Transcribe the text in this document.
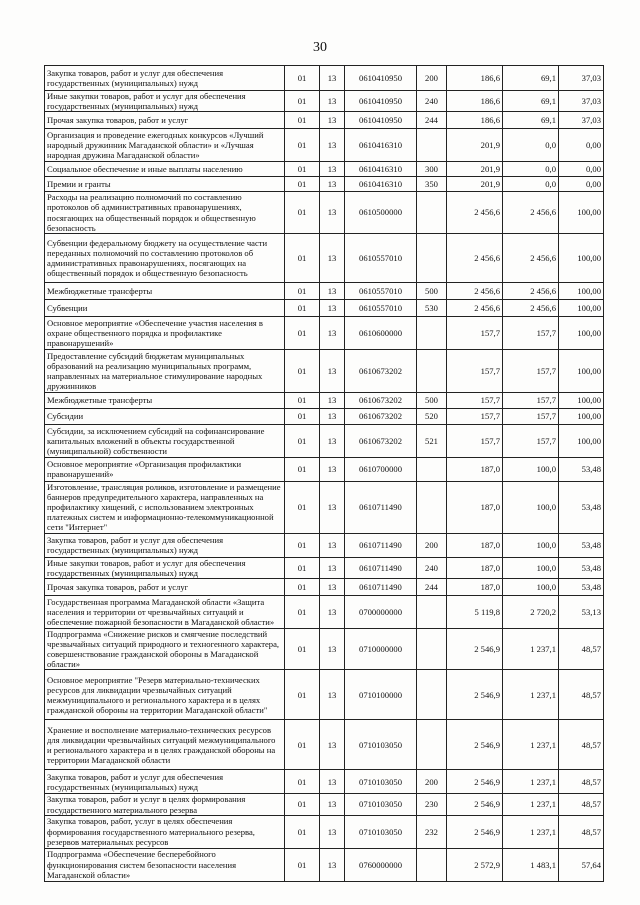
30
Закупка товаров, работ и услуг для обеспечения государственных (муниципальных) нужд	01	13	0610410950	200	186,6	69,1	37,03
Иные закупки товаров, работ и услуг для обеспечения государственных (муниципальных) нужд	01	13	0610410950	240	186,6	69,1	37,03
Прочая закупка товаров, работ и услуг	01	13	0610410950	244	186,6	69,1	37,03
Организация и проведение ежегодных конкурсов «Лучший народный дружинник Магаданской области» и «Лучшая народная дружина Магаданской области»	01	13	0610416310		201,9	0,0	0,00
Социальное обеспечение и иные выплаты населению	01	13	0610416310	300	201,9	0,0	0,00
Премии и гранты	01	13	0610416310	350	201,9	0,0	0,00
Расходы на реализацию полномочий по составлению протоколов об административных правонарушениях, посягающих на общественный порядок и общественную безопасность	01	13	0610500000		2 456,6	2 456,6	100,00
Субвенции федеральному бюджету на осуществление части переданных полномочий по составлению протоколов об административных правонарушениях, посягающих на общественный порядок и общественную безопасность	01	13	0610557010		2 456,6	2 456,6	100,00
Межбюджетные трансферты	01	13	0610557010	500	2 456,6	2 456,6	100,00
Субвенции	01	13	0610557010	530	2 456,6	2 456,6	100,00
Основное мероприятие «Обеспечение участия населения в охране общественного порядка и профилактике правонарушений»	01	13	0610600000		157,7	157,7	100,00
Предоставление субсидий бюджетам муниципальных образований на реализацию муниципальных программ, направленных на материальное стимулирование народных дружинников	01	13	0610673202		157,7	157,7	100,00
Межбюджетные трансферты	01	13	0610673202	500	157,7	157,7	100,00
Субсидии	01	13	0610673202	520	157,7	157,7	100,00
Субсидии, за исключением субсидий на софинансирование капитальных вложений в объекты государственной (муниципальной) собственности	01	13	0610673202	521	157,7	157,7	100,00
Основное мероприятие «Организация профилактики правонарушений»	01	13	0610700000		187,0	100,0	53,48
Изготовление, трансляция роликов, изготовление и размещение баннеров предупредительного характера, направленных на профилактику хищений, с использованием электронных платежных систем и информационно-телекоммуникационной сети "Интернет"	01	13	0610711490		187,0	100,0	53,48
Закупка товаров, работ и услуг для обеспечения государственных (муниципальных) нужд	01	13	0610711490	200	187,0	100,0	53,48
Иные закупки товаров, работ и услуг для обеспечения государственных (муниципальных) нужд	01	13	0610711490	240	187,0	100,0	53,48
Прочая закупка товаров, работ и услуг	01	13	0610711490	244	187,0	100,0	53,48
Государственная программа Магаданской области «Защита населения и территории от чрезвычайных ситуаций и обеспечение пожарной безопасности в Магаданской области»	01	13	0700000000		5 119,8	2 720,2	53,13
Подпрограмма «Снижение рисков и смягчение последствий чрезвычайных ситуаций природного и техногенного характера, совершенствование гражданской обороны в Магаданской области»	01	13	0710000000		2 546,9	1 237,1	48,57
Основное мероприятие "Резерв материально-технических ресурсов для ликвидации чрезвычайных ситуаций межмуниципального и регионального характера и в целях гражданской обороны на территории Магаданской области"	01	13	0710100000		2 546,9	1 237,1	48,57
Хранение и восполнение материально-технических ресурсов для ликвидации чрезвычайных ситуаций межмуниципального и регионального характера и в целях гражданской обороны на территории Магаданской области	01	13	0710103050		2 546,9	1 237,1	48,57
Закупка товаров, работ и услуг для обеспечения государственных (муниципальных) нужд	01	13	0710103050	200	2 546,9	1 237,1	48,57
Закупка товаров, работ и услуг в целях формирования государственного материального резерва	01	13	0710103050	230	2 546,9	1 237,1	48,57
Закупка товаров, работ, услуг в целях обеспечения формирования государственного материального резерва, резервов материальных ресурсов	01	13	0710103050	232	2 546,9	1 237,1	48,57
Подпрограмма «Обеспечение бесперебойного функционирования систем безопасности населения Магаданской области»	01	13	0760000000		2 572,9	1 483,1	57,64
